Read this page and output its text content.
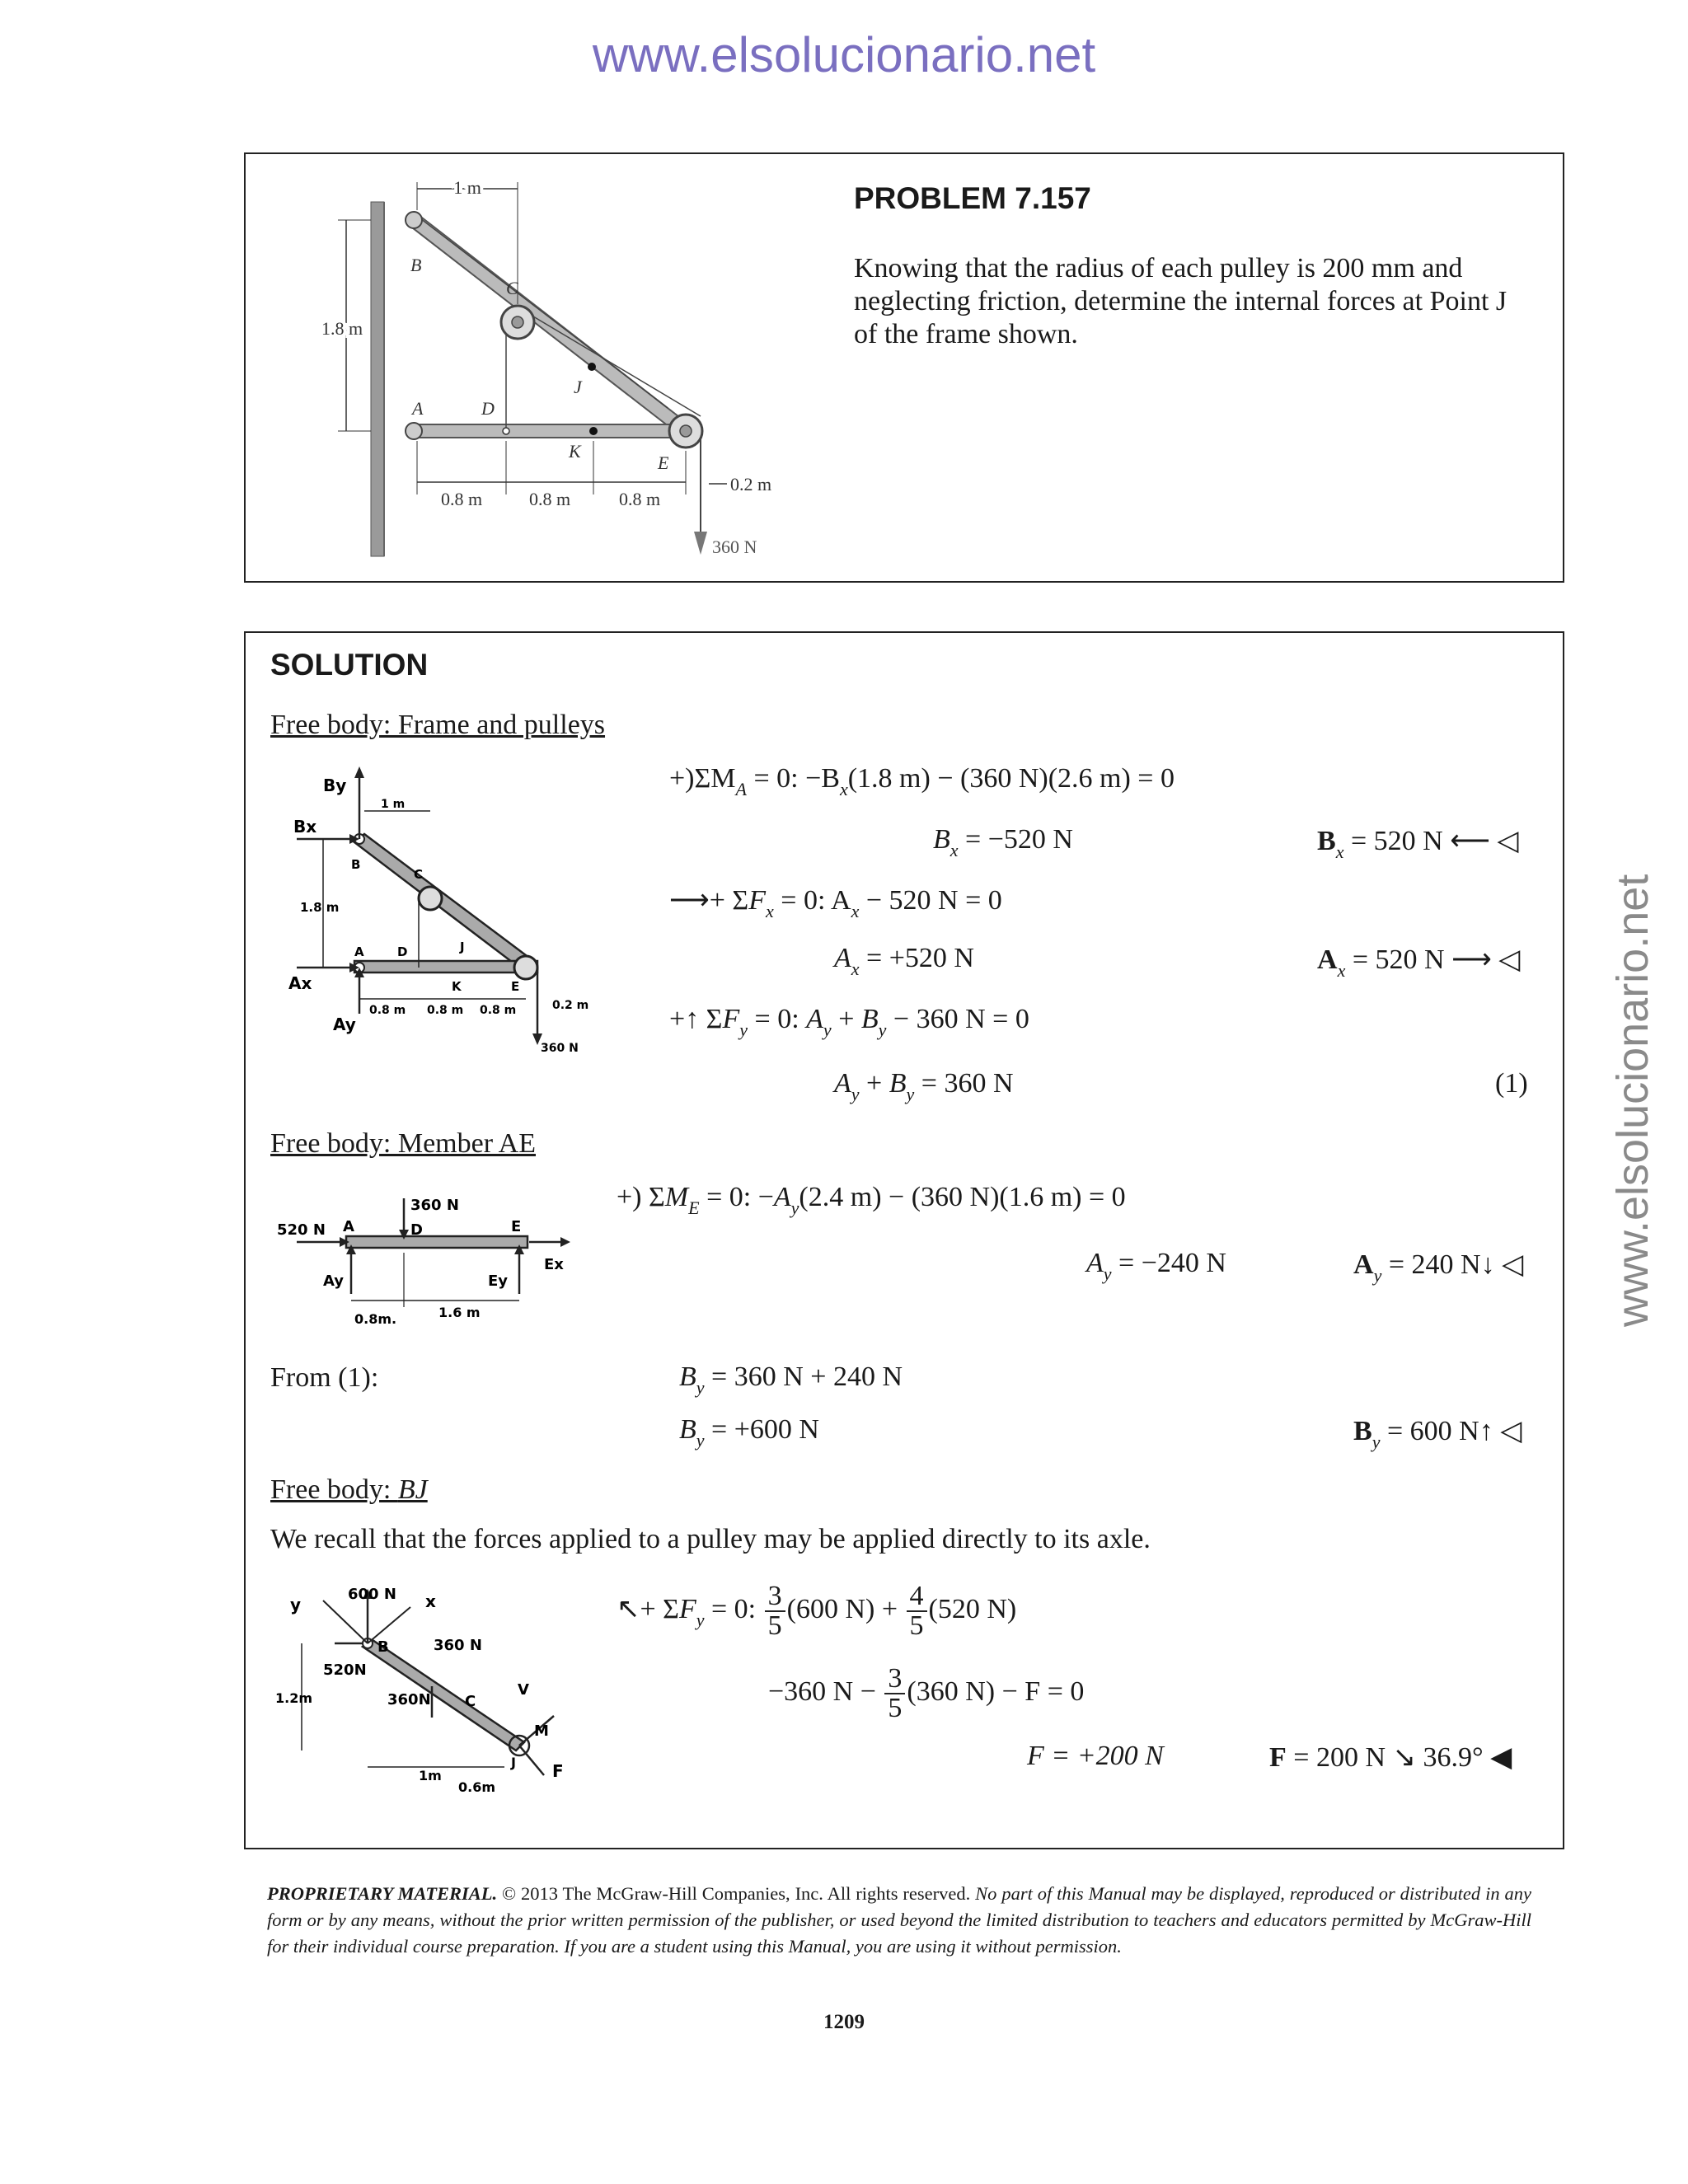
www.elsolucionario.net
www.elsolucionario.net
PROBLEM 7.157
Knowing that the radius of each pulley is 200 mm and
neglecting friction, determine the internal forces at Point J
of the frame shown.
1 m
1.8 m
0.8 m	0.8 m	0.8 m
0.2 m
360 N
B
C
J
A	D
K
E
SOLUTION
Free body: Frame and pulleys
By
Bx
Ax
Ay
1 m
1.8 m
0.8 m 0.8 m 0.8 m	0.2 m
360 N
B
C
J
A	D
K	E
$+)\Sigma M_A = 0$: $-B_x(1.8$ m) − (360 N)(2.6 m) = 0
$B_x = -520$ N	$B_x = 520$ N ⟵ ◁
⟶+ $\Sigma F_x = 0$: $A_x - 520$ N = 0
$A_x = +520$ N	$A_x = 520$ N ⟶ ◁
+↑ $\Sigma F_y = 0$: $A_y + B_y - 360$ N = 0
$A_y + B_y = 360$ N	(1)
Free body: Member AE
520 N
360 N
A	D	E
Ex
Ay	Ey
0.8m.	1.6 m
+) $\Sigma M_E = 0$: $-A_y(2.4$ m) − (360 N)(1.6 m) = 0
$A_y = -240$ N	$A_y = 240$ N↓ ◁
From (1):	$B_y = 360$ N + 240 N
$B_y = +600$ N	$B_y = 600$ N↑ ◁
Free body: BJ
We recall that the forces applied to a pulley may be applied directly to its axle.
y	x
600 N
360 N
520N
360N
B
C
J
V
M
F
1.2m
1m
0.6m
↖+ $\Sigma F_y = 0$: $\frac{3}{5} (600$ $N) + \frac{4}{5} (520$ N)
−360 $N - \frac{3}{5} (360$ N) − F = 0
F = +200 N	F = 200 N ↘ 36.9° ◀
PROPRIETARY MATERIAL. © 2013 The McGraw-Hill Companies, Inc. All rights reserved. No part of this Manual may be displayed, reproduced or distributed in any form or by any means, without the prior written permission of the publisher, or used beyond the limited distribution to teachers and educators permitted by McGraw-Hill for their individual course preparation. If you are a student using this Manual, you are using it without permission.
1209
